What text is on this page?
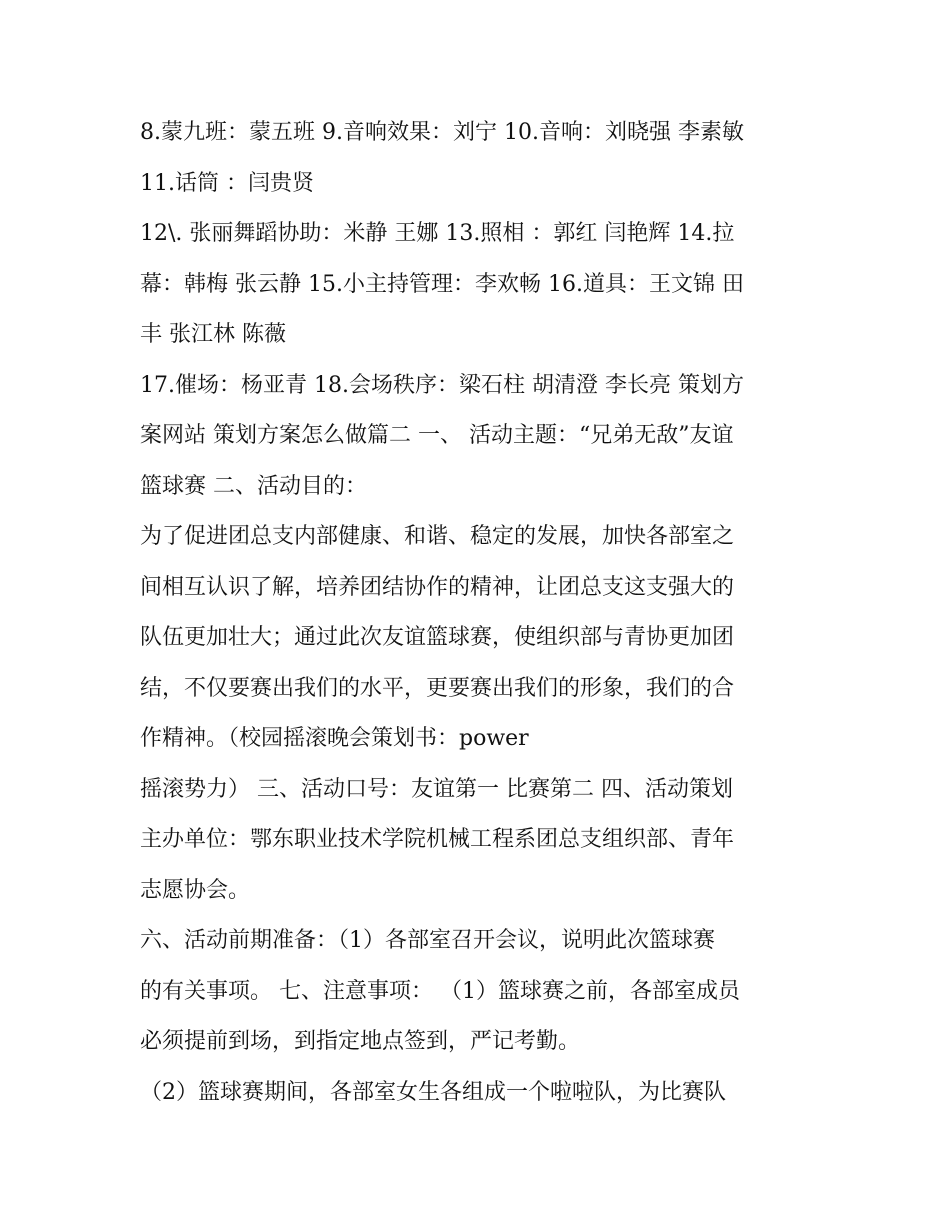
8.蒙九班：蒙五班 9.音响效果：刘宁 10.音响：刘晓强 李素敏
11.话筒 ：闫贵贤
12\. 张丽舞蹈协助：米静 王娜 13.照相 ：郭红 闫艳辉 14.拉
幕：韩梅 张云静 15.小主持管理：李欢畅 16.道具：王文锦 田
丰 张江林 陈薇
17.催场：杨亚青 18.会场秩序：梁石柱 胡清澄 李长亮 策划方
案网站 策划方案怎么做篇二 一、 活动主题：“兄弟无敌”友谊
篮球赛 二、活动目的：
为了促进团总支内部健康、和谐、稳定的发展，加快各部室之
间相互认识了解，培养团结协作的精神，让团总支这支强大的
队伍更加壮大；通过此次友谊篮球赛，使组织部与青协更加团
结，不仅要赛出我们的水平，更要赛出我们的形象，我们的合
作精神。（校园摇滚晚会策划书：power
摇滚势力） 三、活动口号：友谊第一 比赛第二 四、活动策划
主办单位：鄂东职业技术学院机械工程系团总支组织部、青年
志愿协会。
六、活动前期准备：（1）各部室召开会议，说明此次篮球赛
的有关事项。 七、注意事项： （1）篮球赛之前，各部室成员
必须提前到场，到指定地点签到，严记考勤。
（2）篮球赛期间，各部室女生各组成一个啦啦队，为比赛队
